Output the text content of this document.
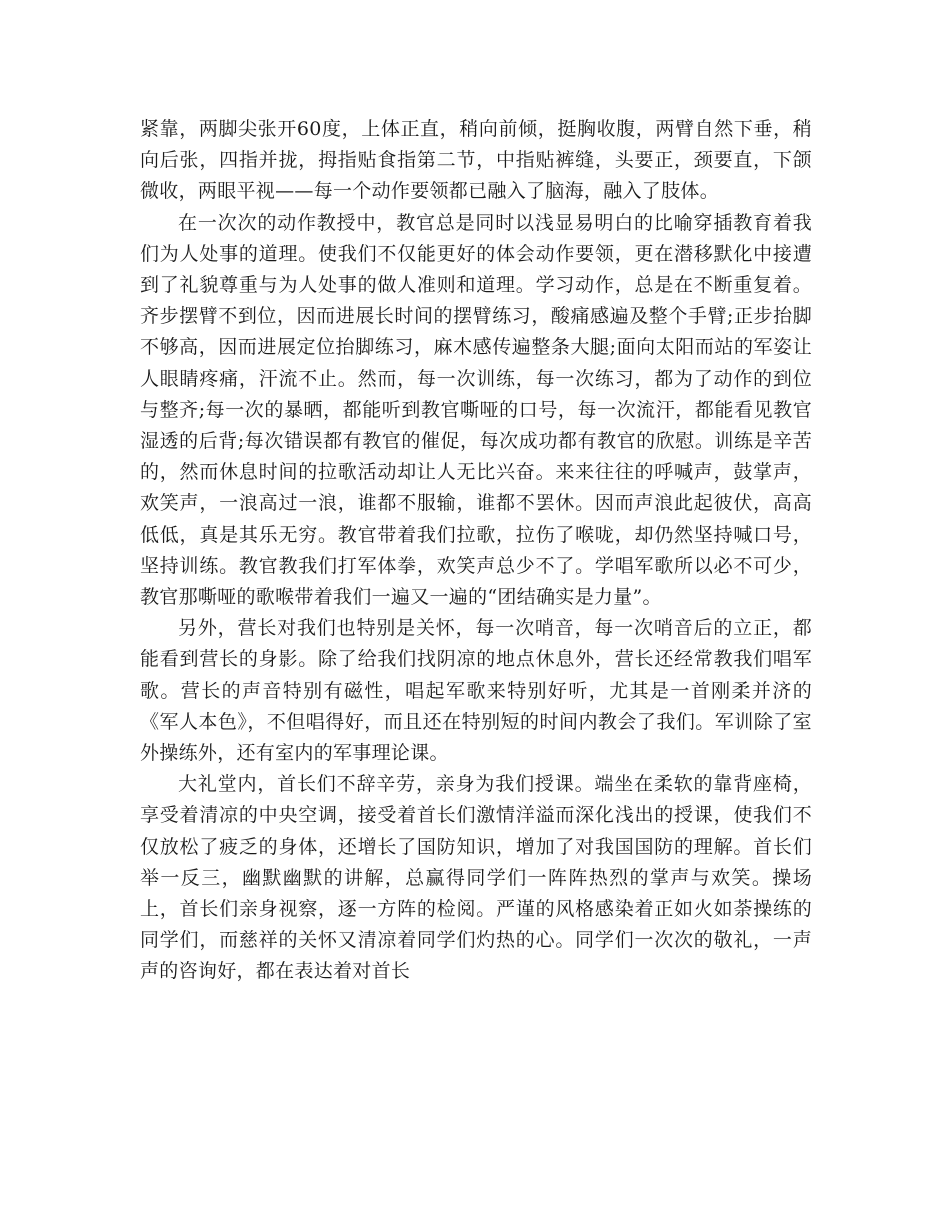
紧靠，两脚尖张开60度，上体正直，稍向前倾，挺胸收腹，两臂自然下垂，稍向后张，四指并拢，拇指贴食指第二节，中指贴裤缝，头要正，颈要直，下颌微收，两眼平视——每一个动作要领都已融入了脑海，融入了肢体。

在一次次的动作教授中，教官总是同时以浅显易明白的比喻穿插教育着我们为人处事的道理。使我们不仅能更好的体会动作要领，更在潜移默化中接遭到了礼貌尊重与为人处事的做人准则和道理。学习动作，总是在不断重复着。齐步摆臂不到位，因而进展长时间的摆臂练习，酸痛感遍及整个手臂;正步抬脚不够高，因而进展定位抬脚练习，麻木感传遍整条大腿;面向太阳而站的军姿让人眼睛疼痛，汗流不止。然而，每一次训练，每一次练习，都为了动作的到位与整齐;每一次的暴晒，都能听到教官嘶哑的口号，每一次流汗，都能看见教官湿透的后背;每次错误都有教官的催促，每次成功都有教官的欣慰。训练是辛苦的，然而休息时间的拉歌活动却让人无比兴奋。来来往往的呼喊声，鼓掌声，欢笑声，一浪高过一浪，谁都不服输，谁都不罢休。因而声浪此起彼伏，高高低低，真是其乐无穷。教官带着我们拉歌，拉伤了喉咙，却仍然坚持喊口号，坚持训练。教官教我们打军体拳，欢笑声总少不了。学唱军歌所以必不可少，教官那嘶哑的歌喉带着我们一遍又一遍的“团结确实是力量”。

另外，营长对我们也特别是关怀，每一次哨音，每一次哨音后的立正，都能看到营长的身影。除了给我们找阴凉的地点休息外，营长还经常教我们唱军歌。营长的声音特别有磁性，唱起军歌来特别好听，尤其是一首刚柔并济的《军人本色》，不但唱得好，而且还在特别短的时间内教会了我们。军训除了室外操练外，还有室内的军事理论课。

大礼堂内，首长们不辞辛劳，亲身为我们授课。端坐在柔软的靠背座椅，享受着清凉的中央空调，接受着首长们激情洋溢而深化浅出的授课，使我们不仅放松了疲乏的身体，还增长了国防知识，增加了对我国国防的理解。首长们举一反三，幽默幽默的讲解，总赢得同学们一阵阵热烈的掌声与欢笑。操场上，首长们亲身视察，逐一方阵的检阅。严谨的风格感染着正如火如荼操练的同学们，而慈祥的关怀又清凉着同学们灼热的心。同学们一次次的敬礼，一声声的咨询好，都在表达着对首长
